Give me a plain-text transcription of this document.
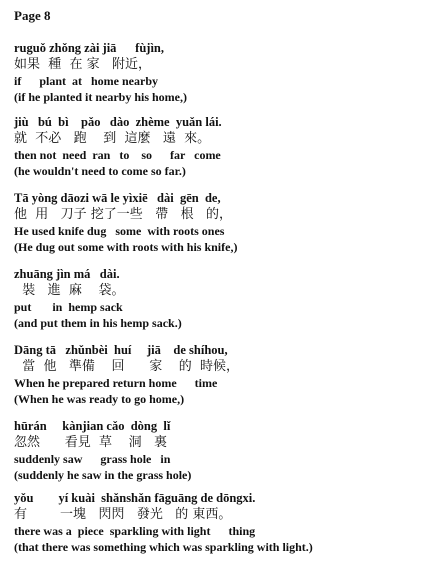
Page 8
ruguǒ zhǒng zài jiā      fùjìn,
如果  種  在 家   附近，
if      plant  at   home nearby
(if he planted it nearby his home,)
jiù   bú  bì    pǎo   dào  zhème  yuǎn lái.
就  不必   跑    到  這麼   遠  來。
then not  need  ran   to    so      far   come
(he wouldn't need to come so far.)
Tā yòng dāozi wā le yìxiē   dài  gēn  de,
他  用   刀子 挖了一些   帶   根   的，
He used knife dug   some  with roots ones
(He dug out some with roots with his knife,)
zhuāng jìn má   dài.
裝   進  麻    袋。
put       in  hemp sack
(and put them in his hemp sack.)
Dāng tā   zhǔnbèi  huí     jiā    de shíhou,
當  他   準備    回      家    的  時候，
When he prepared return home      time
(When he was ready to go home,)
hūrán     kànjian cǎo  dòng  lǐ
忽然      看見  草    洞   裏
suddenly saw      grass hole   in
(suddenly he saw in the grass hole)
yǒu        yí kuài  shǎnshǎn fāguāng de dōngxi.
有        一塊   閃閃   發光   的 東西。
there was a  piece  sparkling with light      thing
(that there was something which was sparkling with light.)
